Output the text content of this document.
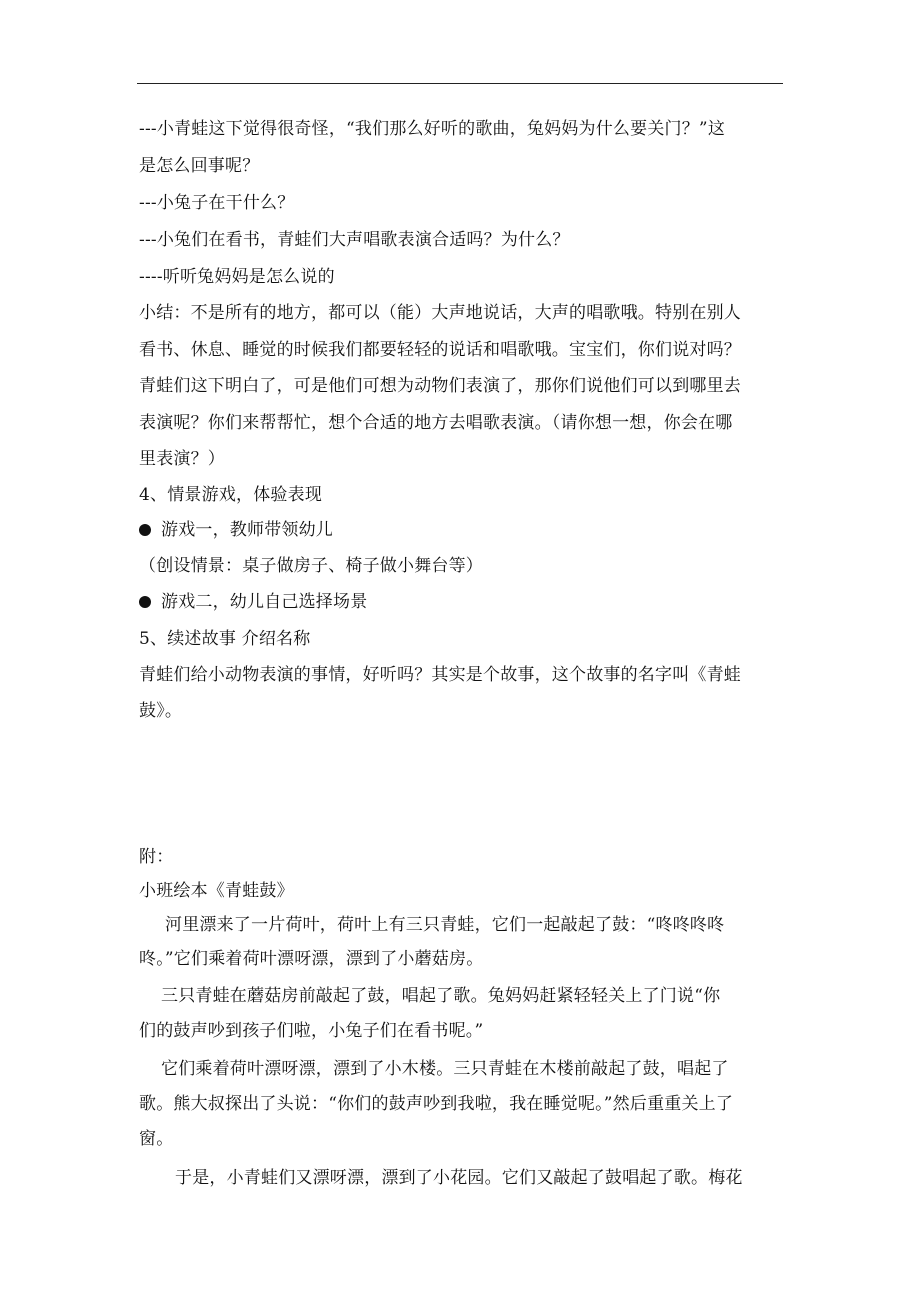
---小青蛙这下觉得很奇怪，“我们那么好听的歌曲，兔妈妈为什么要关门？”这
是怎么回事呢？
---小兔子在干什么？
---小兔们在看书，青蛙们大声唱歌表演合适吗？为什么？
----听听兔妈妈是怎么说的
小结：不是所有的地方，都可以（能）大声地说话，大声的唱歌哦。特别在别人
看书、休息、睡觉的时候我们都要轻轻的说话和唱歌哦。宝宝们，你们说对吗？
青蛙们这下明白了，可是他们可想为动物们表演了，那你们说他们可以到哪里去
表演呢？你们来帮帮忙，想个合适的地方去唱歌表演。（请你想一想，你会在哪
里表演？）
4、情景游戏，体验表现
游戏一，教师带领幼儿
（创设情景：桌子做房子、椅子做小舞台等）
游戏二，幼儿自己选择场景
5、续述故事 介绍名称
青蛙们给小动物表演的事情，好听吗？其实是个故事，这个故事的名字叫《青蛙
鼓》。
附：
小班绘本《青蛙鼓》
河里漂来了一片荷叶，荷叶上有三只青蛙，它们一起敲起了鼓：“咚咚咚咚
咚。”它们乘着荷叶漂呀漂，漂到了小蘑菇房。
三只青蛙在蘑菇房前敲起了鼓，唱起了歌。兔妈妈赶紧轻轻关上了门说“你
们的鼓声吵到孩子们啦，小兔子们在看书呢。”
它们乘着荷叶漂呀漂，漂到了小木楼。三只青蛙在木楼前敲起了鼓，唱起了
歌。熊大叔探出了头说：“你们的鼓声吵到我啦，我在睡觉呢。”然后重重关上了
窗。
于是，小青蛙们又漂呀漂，漂到了小花园。它们又敲起了鼓唱起了歌。梅花
